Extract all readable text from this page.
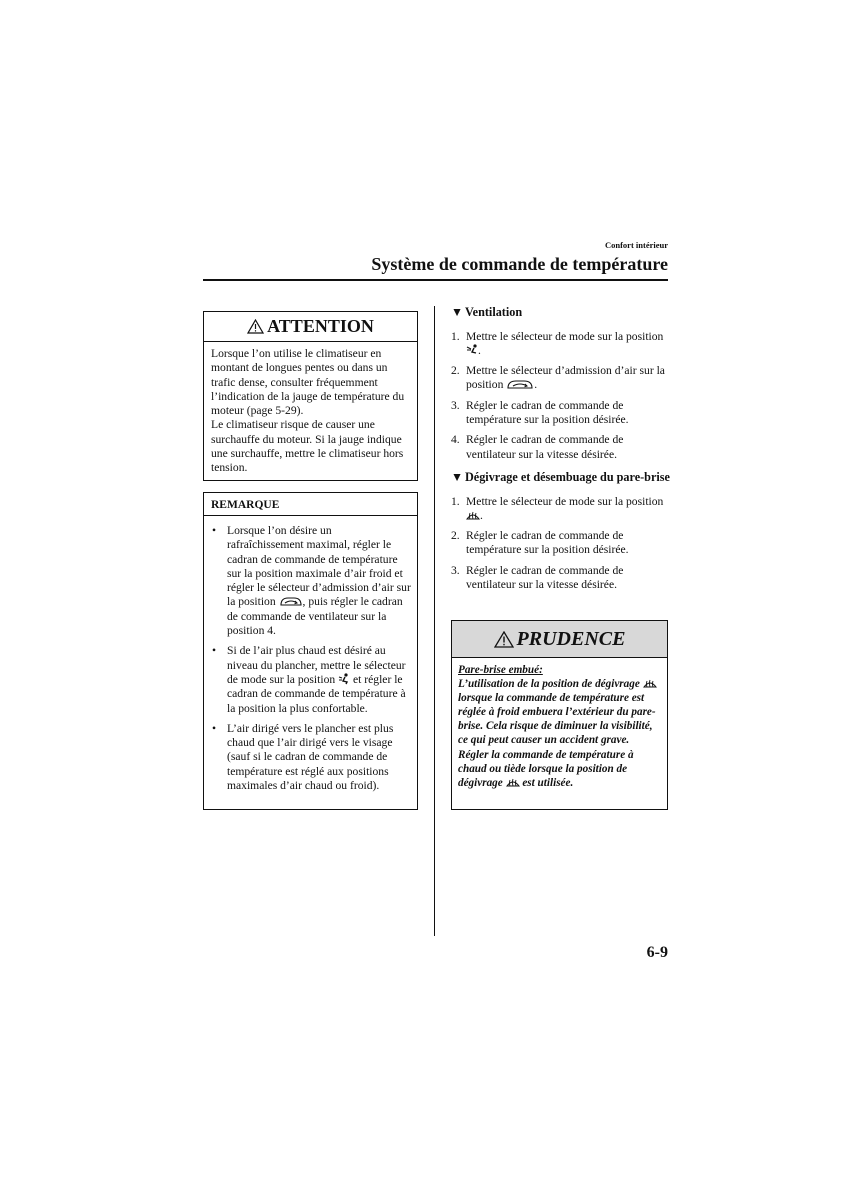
Confort intérieur
Système de commande de température
ATTENTION

Lorsque l’on utilise le climatiseur en montant de longues pentes ou dans un trafic dense, consulter fréquemment l’indication de la jauge de température du moteur (page 5-29).

Le climatiseur risque de causer une surchauffe du moteur. Si la jauge indique une surchauffe, mettre le climatiseur hors tension.

REMARQUE
• Lorsque l’on désire un rafraîchissement maximal, régler le cadran de commande de température sur la position maximale d’air froid et régler le sélecteur d’admission d’air sur la position , puis régler le cadran de commande de ventilateur sur la position 4.
• Si de l’air plus chaud est désiré au niveau du plancher, mettre le sélecteur de mode sur la position  et régler le cadran de commande de température à la position la plus confortable.
• L’air dirigé vers le plancher est plus chaud que l’air dirigé vers le visage (sauf si le cadran de commande de température est réglé aux positions maximales d’air chaud ou froid).
▼ Ventilation
1. Mettre le sélecteur de mode sur la position .
2. Mettre le sélecteur d’admission d’air sur la position	.
3. Régler le cadran de commande de température sur la position désirée.
4. Régler le cadran de commande de ventilateur sur la vitesse désirée.
▼ Dégivrage et désembuage du pare-brise
1. Mettre le sélecteur de mode sur la position .
2. Régler le cadran de commande de température sur la position désirée.
3. Régler le cadran de commande de ventilateur sur la vitesse désirée.
PRUDENCE
Pare-brise embué:
L’utilisation de la position de dégivrage  lorsque la commande de température est réglée à froid embuera l’extérieur du pare-brise. Cela risque de diminuer la visibilité, ce qui peut causer un accident grave. Régler la commande de température à chaud ou tiède lorsque la position de dégivrage  est utilisée.
6-9
